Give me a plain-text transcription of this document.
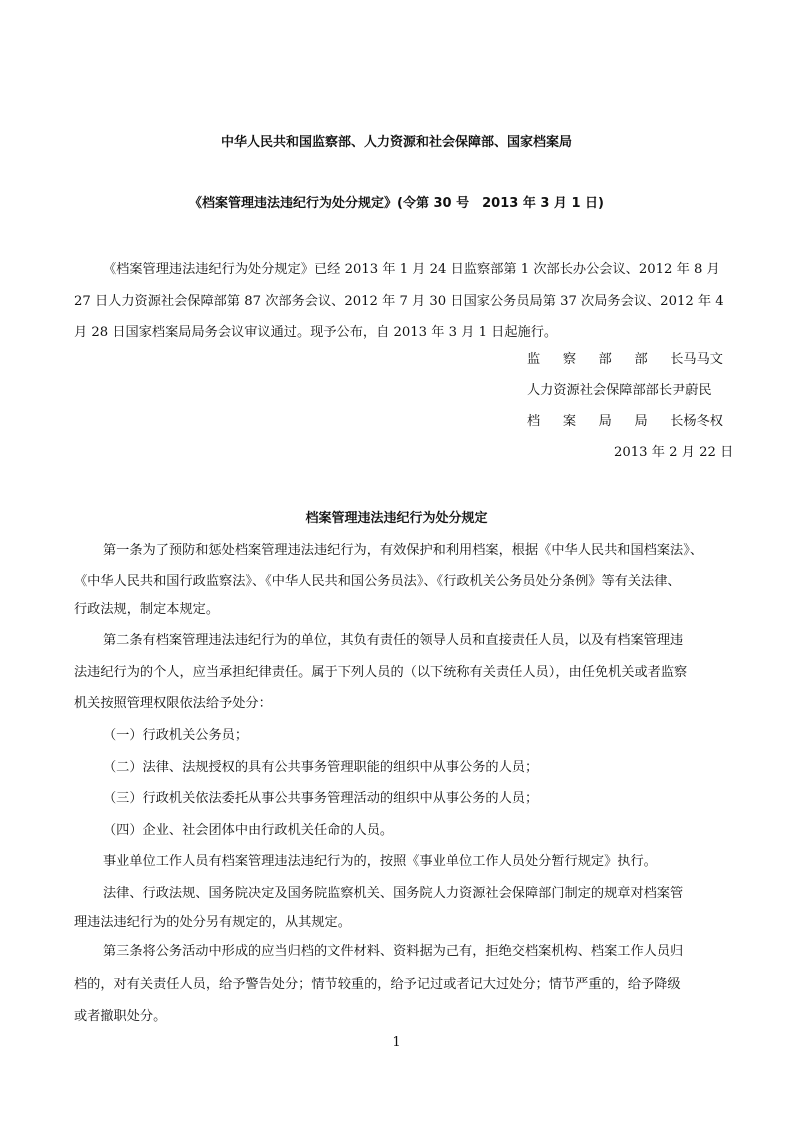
中华人民共和国监察部、人力资源和社会保障部、国家档案局
《档案管理违法违纪行为处分规定》(令第 30 号　2013 年 3 月 1 日)
《档案管理违法违纪行为处分规定》已经 2013 年 1 月 24 日监察部第 1 次部长办公会议、2012 年 8 月
27 日人力资源社会保障部第 87 次部务会议、2012 年 7 月 30 日国家公务员局第 37 次局务会议、2012 年 4
月 28 日国家档案局局务会议审议通过。现予公布，自 2013 年 3 月 1 日起施行。
监 察 部 部 长马马文
人力资源社会保障部部长尹蔚民
档 案 局 局 长杨冬权
2013 年 2 月 22 日
档案管理违法违纪行为处分规定
第一条为了预防和惩处档案管理违法违纪行为，有效保护和利用档案，根据《中华人民共和国档案法》、
《中华人民共和国行政监察法》、《中华人民共和国公务员法》、《行政机关公务员处分条例》等有关法律、
行政法规，制定本规定。
第二条有档案管理违法违纪行为的单位，其负有责任的领导人员和直接责任人员，以及有档案管理违
法违纪行为的个人，应当承担纪律责任。属于下列人员的（以下统称有关责任人员），由任免机关或者监察
机关按照管理权限依法给予处分：
（一）行政机关公务员；
（二）法律、法规授权的具有公共事务管理职能的组织中从事公务的人员；
（三）行政机关依法委托从事公共事务管理活动的组织中从事公务的人员；
（四）企业、社会团体中由行政机关任命的人员。
事业单位工作人员有档案管理违法违纪行为的，按照《事业单位工作人员处分暂行规定》执行。
法律、行政法规、国务院决定及国务院监察机关、国务院人力资源社会保障部门制定的规章对档案管
理违法违纪行为的处分另有规定的，从其规定。
第三条将公务活动中形成的应当归档的文件材料、资料据为己有，拒绝交档案机构、档案工作人员归
档的，对有关责任人员，给予警告处分；情节较重的，给予记过或者记大过处分；情节严重的，给予降级
或者撤职处分。
1
